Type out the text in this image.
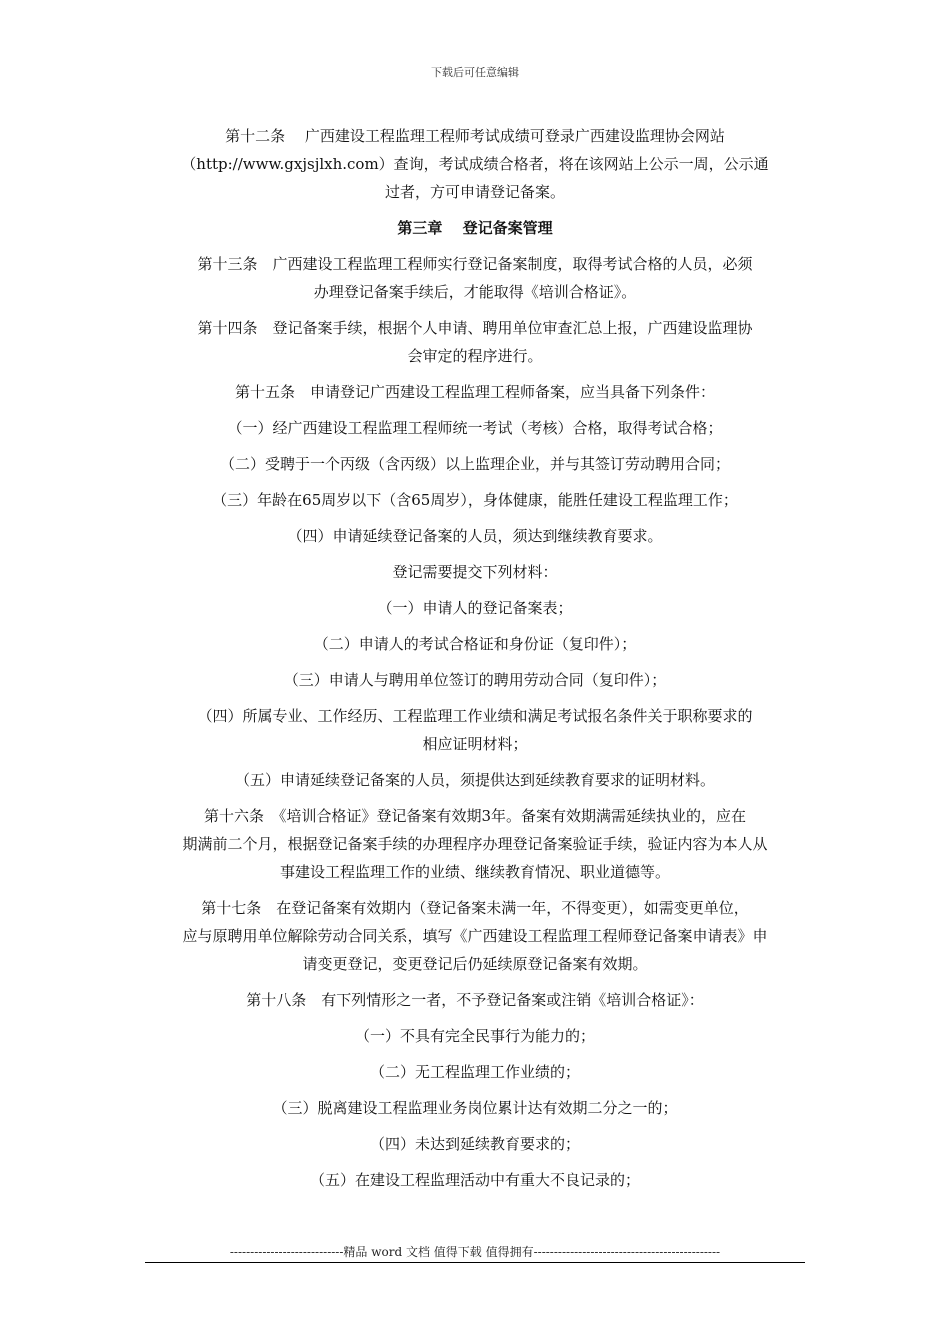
下载后可任意编辑

第十二条　 广西建设工程监理工程师考试成绩可登录广西建设监理协会网站

（http://www.gxjsjlxh.com）查询，考试成绩合格者，将在该网站上公示一周，公示通

过者，方可申请登记备案。

第三章　 登记备案管理

第十三条　广西建设工程监理工程师实行登记备案制度，取得考试合格的人员，必须

办理登记备案手续后，才能取得《培训合格证》。

第十四条　登记备案手续，根据个人申请、聘用单位审查汇总上报，广西建设监理协

会审定的程序进行。

第十五条　申请登记广西建设工程监理工程师备案，应当具备下列条件：

（一）经广西建设工程监理工程师统一考试（考核）合格，取得考试合格；

（二）受聘于一个丙级（含丙级）以上监理企业，并与其签订劳动聘用合同；

（三）年龄在65周岁以下（含65周岁），身体健康，能胜任建设工程监理工作；

（四）申请延续登记备案的人员，须达到继续教育要求。

登记需要提交下列材料：

（一）申请人的登记备案表；

（二）申请人的考试合格证和身份证（复印件）；

（三）申请人与聘用单位签订的聘用劳动合同（复印件）；

（四）所属专业、工作经历、工程监理工作业绩和满足考试报名条件关于职称要求的

相应证明材料；

（五）申请延续登记备案的人员，须提供达到延续教育要求的证明材料。

第十六条　《培训合格证》登记备案有效期3年。备案有效期满需延续执业的，应在

期满前二个月，根据登记备案手续的办理程序办理登记备案验证手续，验证内容为本人从

事建设工程监理工作的业绩、继续教育情况、职业道德等。

第十七条　在登记备案有效期内（登记备案未满一年，不得变更），如需变更单位，

应与原聘用单位解除劳动合同关系，填写《广西建设工程监理工程师登记备案申请表》申

请变更登记，变更登记后仍延续原登记备案有效期。

第十八条　有下列情形之一者，不予登记备案或注销《培训合格证》：

（一）不具有完全民事行为能力的；

（二）无工程监理工作业绩的；

（三）脱离建设工程监理业务岗位累计达有效期二分之一的；

（四）未达到延续教育要求的；

（五）在建设工程监理活动中有重大不良记录的；

----------------------------精品 word 文档 值得下载 值得拥有----------------------------------------------
